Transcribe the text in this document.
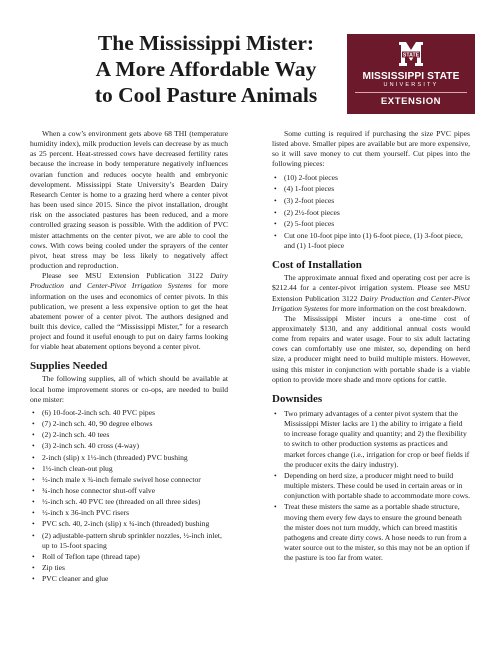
The Mississippi Mister:
A More Affordable Way
to Cool Pasture Animals
STATE
MISSISSIPPI STATE
UNIVERSITY
EXTENSION

When a cow’s environment gets above 68 THI (temperature humidity index), milk production levels can decrease by as much as 25 percent. Heat-stressed cows have decreased fertility rates because the increase in body temperature negatively influences ovarian function and reduces oocyte health and embryonic development. Mississippi State University’s Bearden Dairy Research Center is home to a grazing herd where a center pivot has been used since 2015. Since the pivot installation, drought risk on the associated pastures has been reduced, and a more controlled grazing season is possible. With the addition of PVC mister attachments on the center pivot, we are able to cool the cows. With cows being cooled under the sprayers of the center pivot, heat stress may be less likely to negatively affect production and reproduction.

Please see MSU Extension Publication 3122 Dairy Production and Center-Pivot Irrigation Systems for more information on the uses and economics of center pivots. In this publication, we present a less expensive option to get the heat abatement power of a center pivot. The authors designed and built this device, called the “Mississippi Mister,” for a research project and found it useful enough to put on dairy farms looking for viable heat abatement options beyond a center pivot.

Supplies Needed

The following supplies, all of which should be available at local home improvement stores or co-ops, are needed to build one mister:

• (6) 10-foot-2-inch sch. 40 PVC pipes
• (7) 2-inch sch. 40, 90 degree elbows
• (2) 2-inch sch. 40 tees
• (3) 2-inch sch. 40 cross (4-way)
• 2-inch (slip) x 1½-inch (threaded) PVC bushing
• 1½-inch clean-out plug
• ½-inch male x ¾-inch female swivel hose connector
• ¾-inch hose connector shut-off valve
• ½-inch sch. 40 PVC tee (threaded on all three sides)
• ½-inch x 36-inch PVC risers
• PVC sch. 40, 2-inch (slip) x ¾-inch (threaded) bushing
• (2) adjustable-pattern shrub sprinkler nozzles, ½-inch inlet, up to 15-foot spacing
• Roll of Teflon tape (thread tape)
• Zip ties
• PVC cleaner and glue

Some cutting is required if purchasing the size PVC pipes listed above. Smaller pipes are available but are more expensive, so it will save money to cut them yourself. Cut pipes into the following pieces:

• (10) 2-foot pieces
• (4) 1-foot pieces
• (3) 2-foot pieces
• (2) 2½-foot pieces
• (2) 5-foot pieces
• Cut one 10-foot pipe into (1) 6-foot piece, (1) 3-foot piece, and (1) 1-foot piece
Cost of Installation

The approximate annual fixed and operating cost per acre is $212.44 for a center-pivot irrigation system. Please see MSU Extension Publication 3122 Dairy Production and Center-Pivot Irrigation Systems for more information on the cost breakdown.

The Mississippi Mister incurs a one-time cost of approximately $130, and any additional annual costs would come from repairs and water usage. Four to six adult lactating cows can comfortably use one mister, so, depending on herd size, a producer might need to build multiple misters. However, using this mister in conjunction with portable shade is a viable option to provide more shade and more options for cattle.

Downsides
• Two primary advantages of a center pivot system that the Mississippi Mister lacks are 1) the ability to irrigate a field to increase forage quality and quantity; and 2) the flexibility to switch to other production systems as practices and market forces change (i.e., irrigation for crop or beef fields if the producer exits the dairy industry).
• Depending on herd size, a producer might need to build multiple misters. These could be used in certain areas or in conjunction with portable shade to accommodate more cows.
• Treat these misters the same as a portable shade structure, moving them every few days to ensure the ground beneath the mister does not turn muddy, which can breed mastitis pathogens and create dirty cows. A hose needs to run from a water source out to the mister, so this may not be an option if the pasture is too far from water.
